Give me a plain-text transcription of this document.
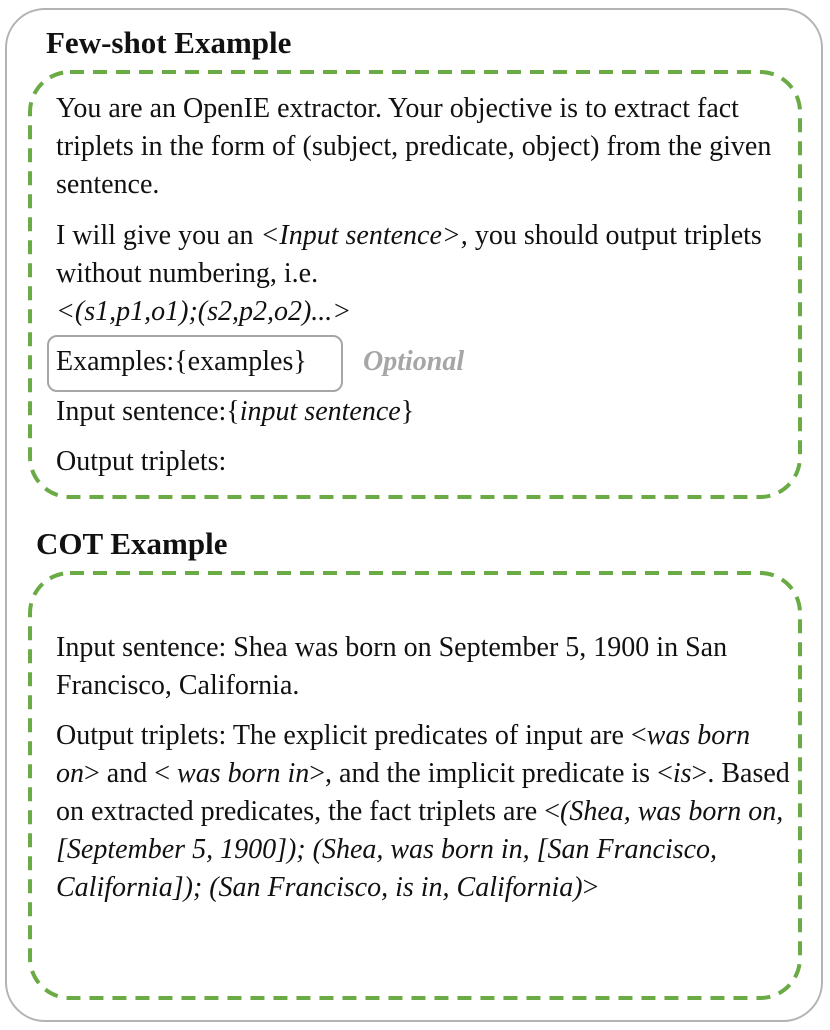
Few-shot Example

You are an OpenIE extractor. Your objective is to extract fact triplets in the form of (subject, predicate, object) from the given sentence.

I will give you an <Input sentence>, you should output triplets without numbering, i.e.

<(s1,p1,o1);(s2,p2,o2)...>

Examples:{examples} Optional

Input sentence:{input sentence}

Output triplets:

COT Example

Input sentence: Shea was born on September 5, 1900 in San Francisco, California.

Output triplets: The explicit predicates of input are <was born on> and < was born in>, and the implicit predicate is <is>. Based on extracted predicates, the fact triplets are <(Shea, was born on, [September 5, 1900]); (Shea, was born in, [San Francisco, California]); (San Francisco, is in, California)>
